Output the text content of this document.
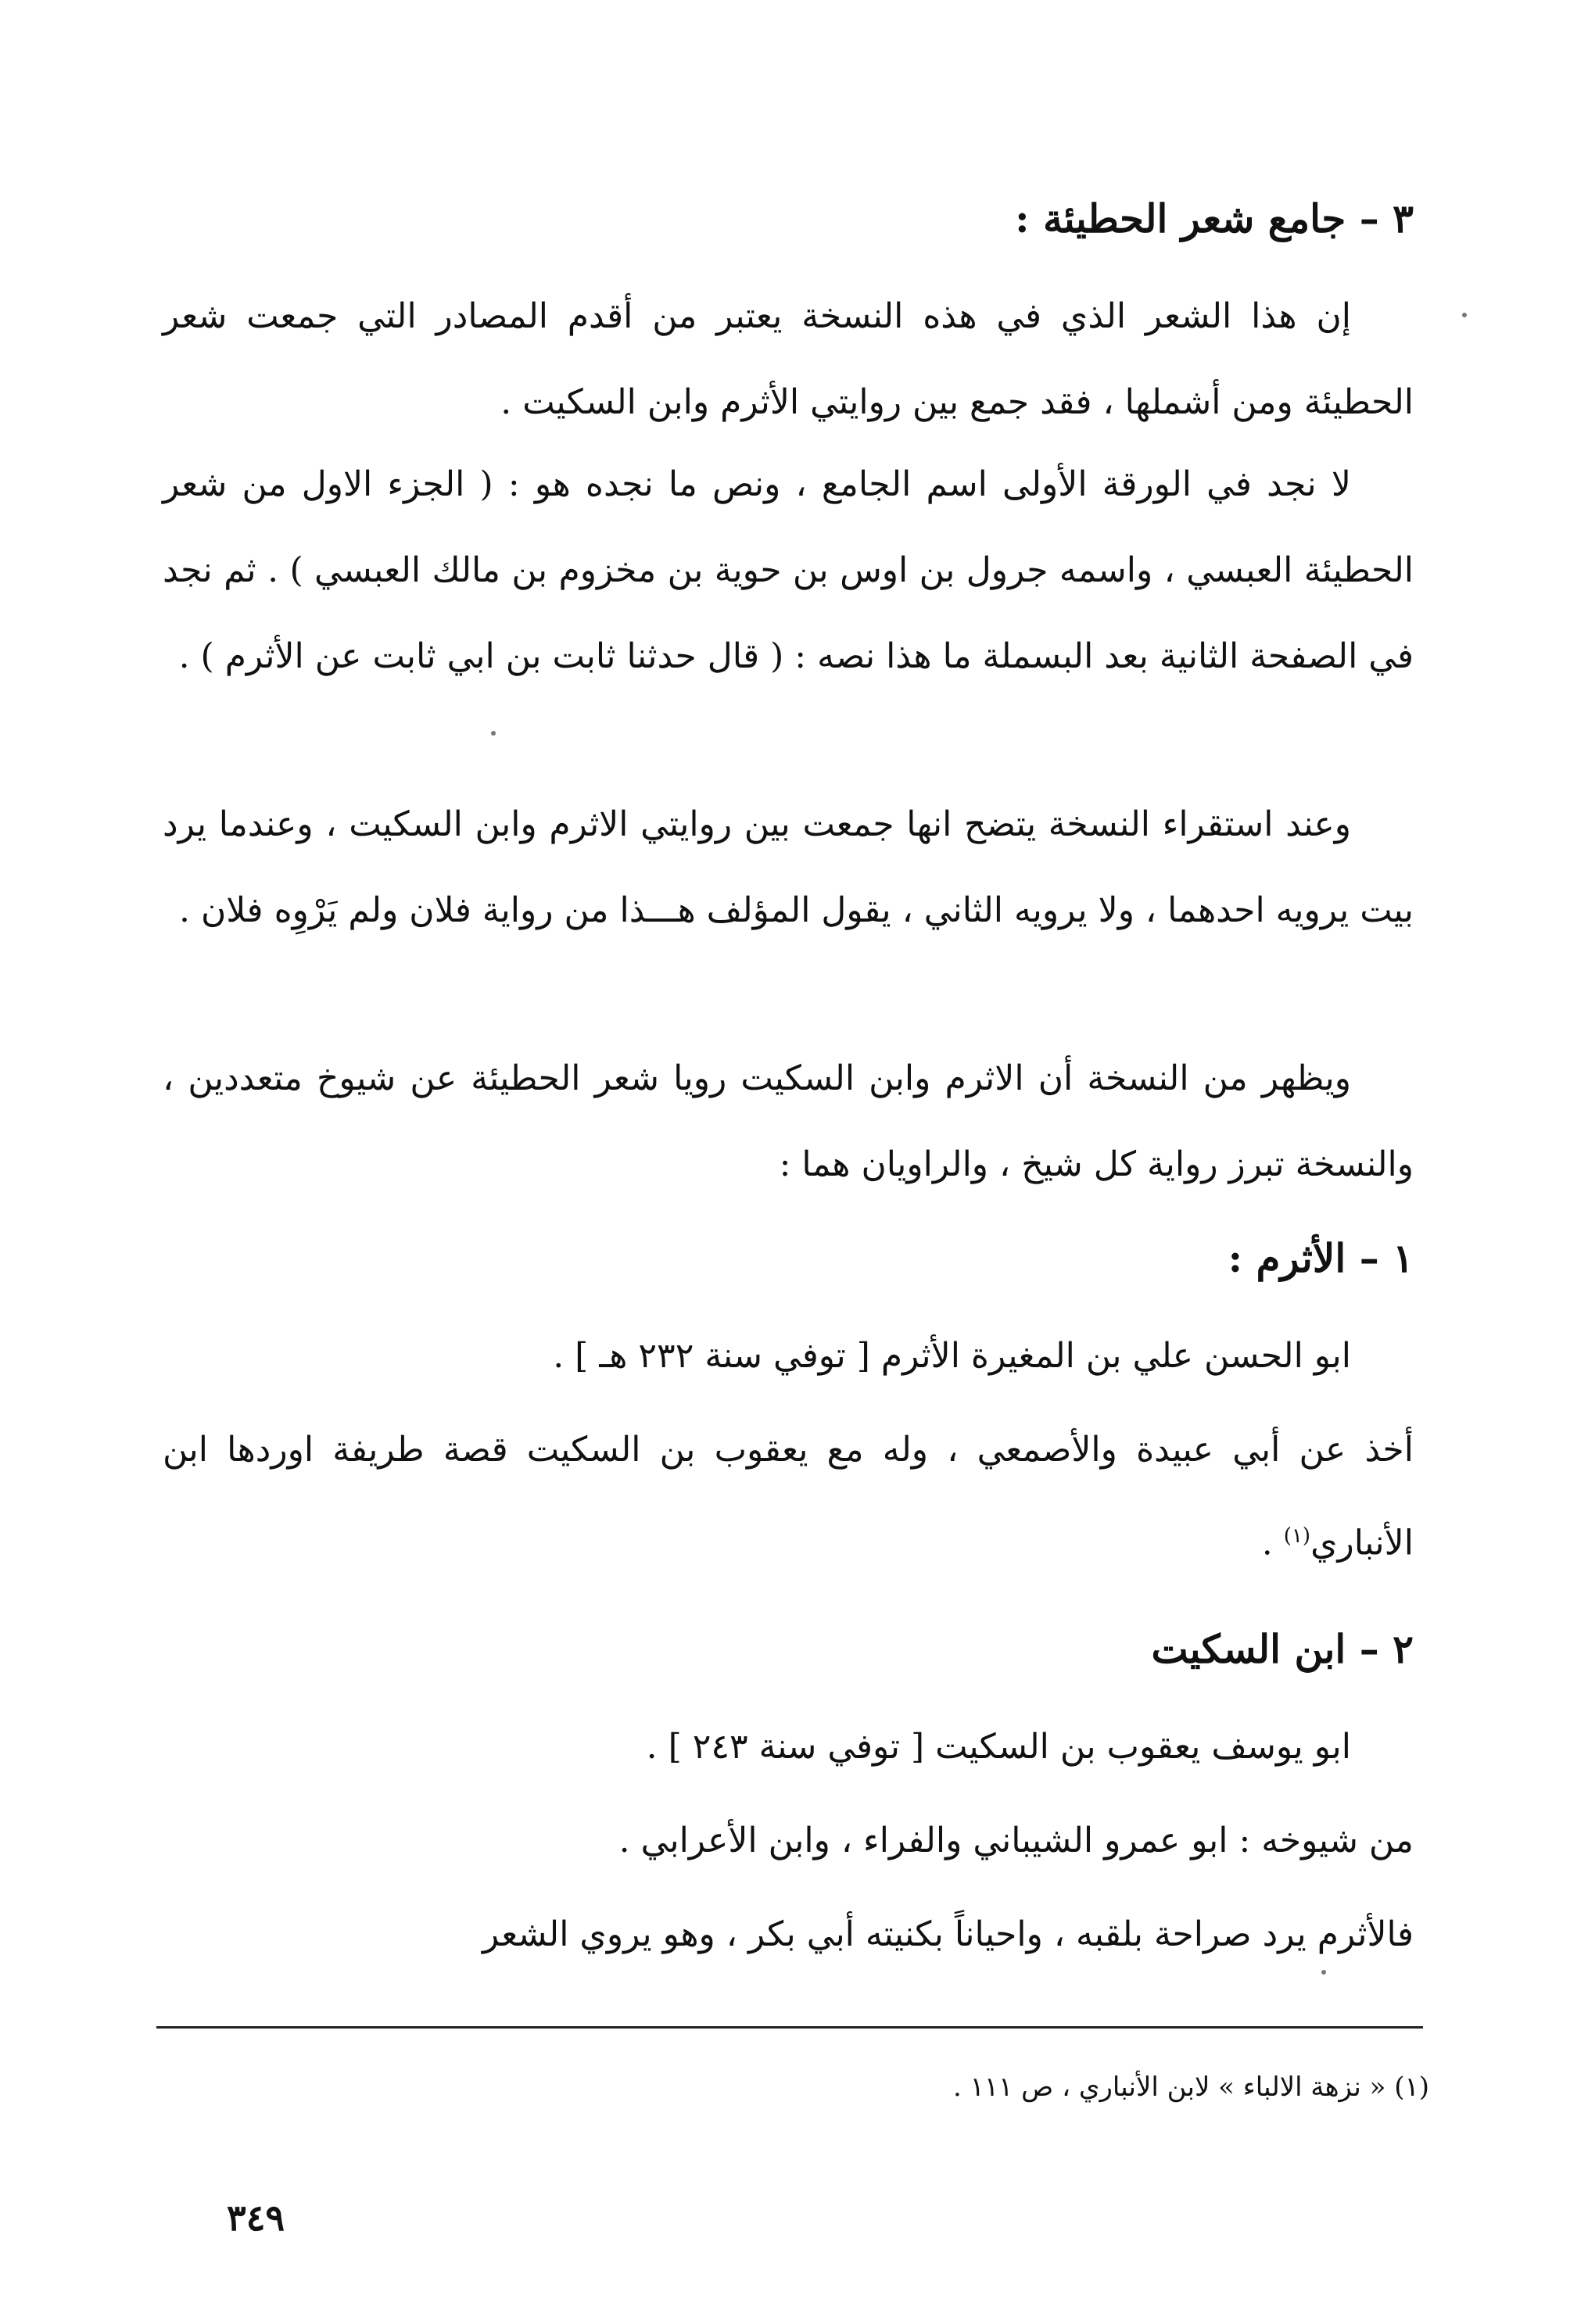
٣ – جامع شعر الحطيئة :
إن هذا الشعر الذي في هذه النسخة يعتبر من أقدم المصادر التي جمعت شعر الحطيئة ومن أشملها ، فقد جمع بين روايتي الأثرم وابن السكيت .
لا نجد في الورقة الأولى اسم الجامع ، ونص ما نجده هو : ( الجزء الاول من شعر الحطيئة العبسي ، واسمه جرول بن اوس بن حوية بن مخزوم بن مالك العبسي ) . ثم نجد في الصفحة الثانية بعد البسملة ما هذا نصه : ( قال حدثنا ثابت بن ابي ثابت عن الأثرم ) .
وعند استقراء النسخة يتضح انها جمعت بين روايتي الاثرم وابن السكيت ، وعندما يرد بيت يرويه احدهما ، ولا يرويه الثاني ، يقول المؤلف هـــذا من رواية فلان ولم يَرْوِه فلان .
ويظهر من النسخة أن الاثرم وابن السكيت رويا شعر الحطيئة عن شيوخ متعددين ، والنسخة تبرز رواية كل شيخ ، والراويان هما :
١ – الأثرم :
ابو الحسن علي بن المغيرة الأثرم [ توفي سنة ٢٣٢ هـ ] .
أخذ عن أبي عبيدة والأصمعي ، وله مع يعقوب بن السكيت قصة طريفة اوردها ابن الأنباري$^{(١)}$ .
٢ – ابن السكيت
ابو يوسف يعقوب بن السكيت [ توفي سنة ٢٤٣ ] .
من شيوخه : ابو عمرو الشيباني والفراء ، وابن الأعرابي .
فالأثرم يرد صراحة بلقبه ، واحياناً بكنيته أبي بكر ، وهو يروي الشعر
(١) « نزهة الالباء » لابن الأنباري ، ص ١١١ .
٣٤٩
